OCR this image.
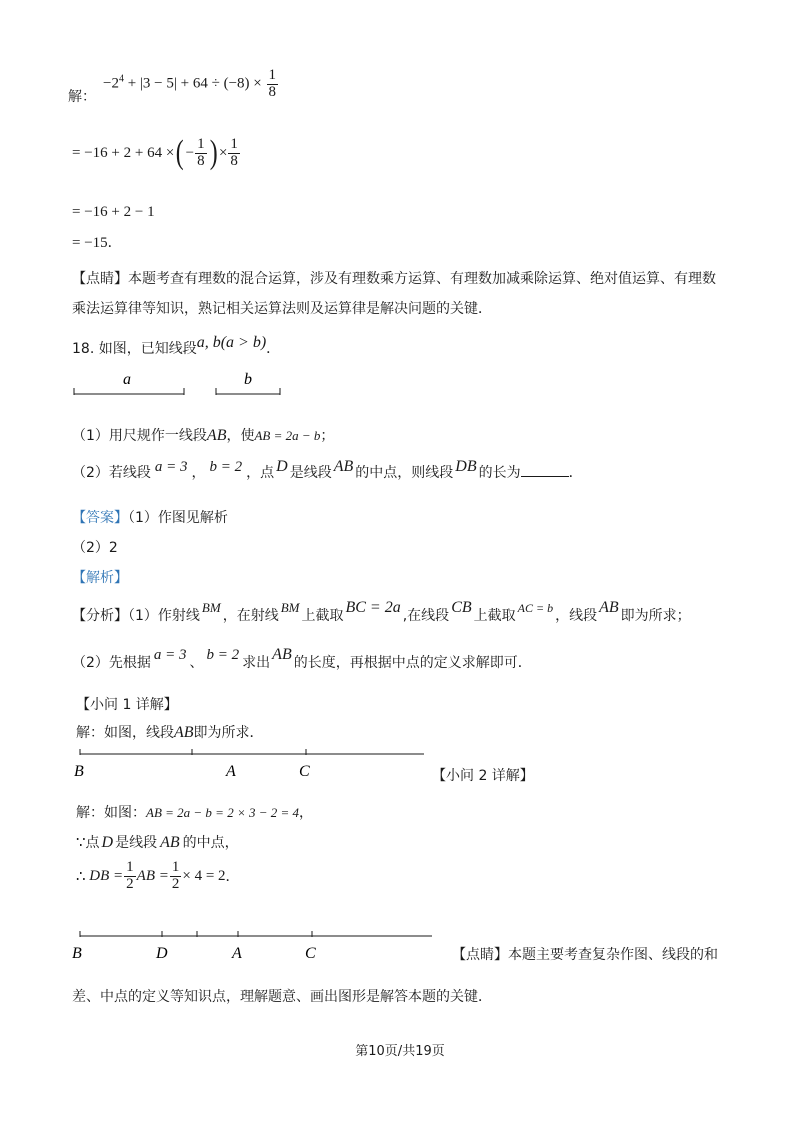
解：
$-2^4 + |3 - 5| + 64 \div (-8) \times \frac{1}{8}$
= −16 + 2 + 64 × ( − $\frac{1}{8}$ ) × $\frac{1}{8}$
= −16 + 2 − 1
= −15．
【点睛】本题考查有理数的混合运算，涉及有理数乘方运算、有理数加减乘除运算、绝对值运算、有理数
乘法运算律等知识，熟记相关运算法则及运算律是解决问题的关键．
18. 如图，已知线段a, b(a > b)．
a	b
（1）用尺规作一线段AB，使AB = 2a − b；
（2）若线段 a = 3 ， b = 2 ，点 D 是线段 AB 的中点，则线段 DB 的长为	．
【答案】（1）作图见解析
（2）2
【解析】
【分析】（1）作射线BM，在射线BM上截取 BC = 2a ,在线段 CB 上截取 AC = b ，线段 AB 即为所求；
（2）先根据 a = 3 、 b = 2 求出 AB 的长度，再根据中点的定义求解即可．
【小问 1 详解】
解：如图，线段AB即为所求．
B	A	C	【小问 2 详解】
解：如图：AB = 2a − b = 2 × 3 − 2 = 4，
∵点 D 是线段 AB 的中点，
∴
DB = $\frac{1}{2}$ AB = $\frac{1}{2} \times 4 = 2$ ．
B	D	A	C	【点睛】本题主要考查复杂作图、线段的和
差、中点的定义等知识点，理解题意、画出图形是解答本题的关键．
第10页/共19页
